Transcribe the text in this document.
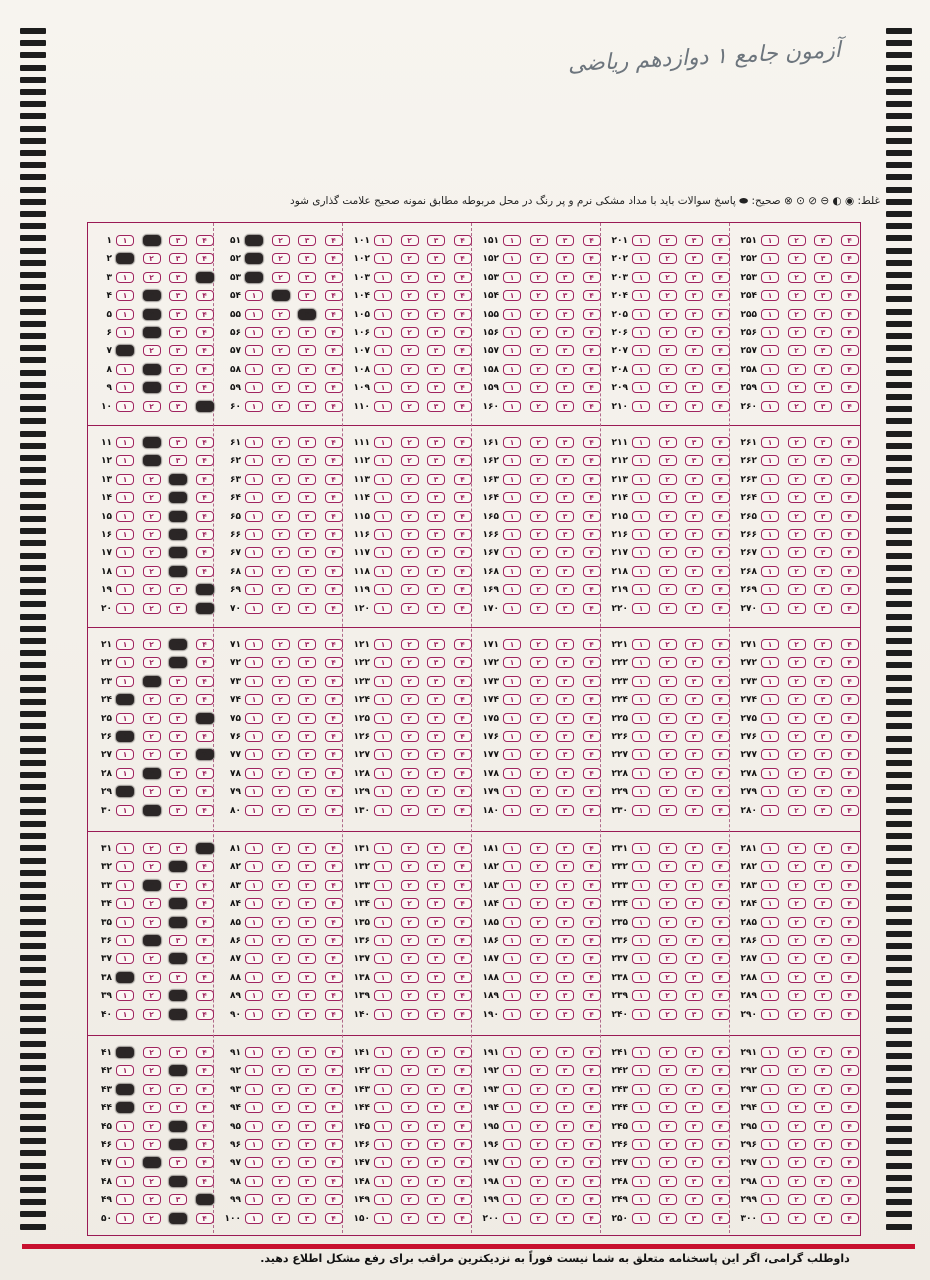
آزمون جامع ۱ دوازدهم ریاضی
غلط: ◉ ◐ ⊖ ⊘ ⊙ ⊗ صحیح: ⬬ پاسخ سوالات باید با مداد مشکی نرم و پر رنگ در محل مربوطه مطابق نمونه صحیح علامت گذاری شود
۱	۱	۲	۳	۴
۲	۱	۲	۳	۴
۳	۱	۲	۳	۴
۴	۱	۲	۳	۴
۵	۱	۲	۳	۴
۶	۱	۲	۳	۴
۷	۱	۲	۳	۴
۸	۱	۲	۳	۴
۹	۱	۲	۳	۴
۱۰	۱	۲	۳	۴
۱۱	۱	۲	۳	۴
۱۲	۱	۲	۳	۴
۱۳	۱	۲	۳	۴
۱۴	۱	۲	۳	۴
۱۵	۱	۲	۳	۴
۱۶	۱	۲	۳	۴
۱۷	۱	۲	۳	۴
۱۸	۱	۲	۳	۴
۱۹	۱	۲	۳	۴
۲۰	۱	۲	۳	۴
۲۱	۱	۲	۳	۴
۲۲	۱	۲	۳	۴
۲۳	۱	۲	۳	۴
۲۴	۱	۲	۳	۴
۲۵	۱	۲	۳	۴
۲۶	۱	۲	۳	۴
۲۷	۱	۲	۳	۴
۲۸	۱	۲	۳	۴
۲۹	۱	۲	۳	۴
۳۰	۱	۲	۳	۴
۳۱	۱	۲	۳	۴
۳۲	۱	۲	۳	۴
۳۳	۱	۲	۳	۴
۳۴	۱	۲	۳	۴
۳۵	۱	۲	۳	۴
۳۶	۱	۲	۳	۴
۳۷	۱	۲	۳	۴
۳۸	۱	۲	۳	۴
۳۹	۱	۲	۳	۴
۴۰	۱	۲	۳	۴
۴۱	۱	۲	۳	۴
۴۲	۱	۲	۳	۴
۴۳	۱	۲	۳	۴
۴۴	۱	۲	۳	۴
۴۵	۱	۲	۳	۴
۴۶	۱	۲	۳	۴
۴۷	۱	۲	۳	۴
۴۸	۱	۲	۳	۴
۴۹	۱	۲	۳	۴
۵۰	۱	۲	۳	۴
۵۱	۱	۲	۳	۴
۵۲	۱	۲	۳	۴
۵۳	۱	۲	۳	۴
۵۴	۱	۲	۳	۴
۵۵	۱	۲	۳	۴
۵۶	۱	۲	۳	۴
۵۷	۱	۲	۳	۴
۵۸	۱	۲	۳	۴
۵۹	۱	۲	۳	۴
۶۰	۱	۲	۳	۴
۶۱	۱	۲	۳	۴
۶۲	۱	۲	۳	۴
۶۳	۱	۲	۳	۴
۶۴	۱	۲	۳	۴
۶۵	۱	۲	۳	۴
۶۶	۱	۲	۳	۴
۶۷	۱	۲	۳	۴
۶۸	۱	۲	۳	۴
۶۹	۱	۲	۳	۴
۷۰	۱	۲	۳	۴
۷۱	۱	۲	۳	۴
۷۲	۱	۲	۳	۴
۷۳	۱	۲	۳	۴
۷۴	۱	۲	۳	۴
۷۵	۱	۲	۳	۴
۷۶	۱	۲	۳	۴
۷۷	۱	۲	۳	۴
۷۸	۱	۲	۳	۴
۷۹	۱	۲	۳	۴
۸۰	۱	۲	۳	۴
۸۱	۱	۲	۳	۴
۸۲	۱	۲	۳	۴
۸۳	۱	۲	۳	۴
۸۴	۱	۲	۳	۴
۸۵	۱	۲	۳	۴
۸۶	۱	۲	۳	۴
۸۷	۱	۲	۳	۴
۸۸	۱	۲	۳	۴
۸۹	۱	۲	۳	۴
۹۰	۱	۲	۳	۴
۹۱	۱	۲	۳	۴
۹۲	۱	۲	۳	۴
۹۳	۱	۲	۳	۴
۹۴	۱	۲	۳	۴
۹۵	۱	۲	۳	۴
۹۶	۱	۲	۳	۴
۹۷	۱	۲	۳	۴
۹۸	۱	۲	۳	۴
۹۹	۱	۲	۳	۴
۱۰۰	۱	۲	۳	۴
۱۰۱	۱	۲	۳	۴
۱۰۲	۱	۲	۳	۴
۱۰۳	۱	۲	۳	۴
۱۰۴	۱	۲	۳	۴
۱۰۵	۱	۲	۳	۴
۱۰۶	۱	۲	۳	۴
۱۰۷	۱	۲	۳	۴
۱۰۸	۱	۲	۳	۴
۱۰۹	۱	۲	۳	۴
۱۱۰	۱	۲	۳	۴
۱۱۱	۱	۲	۳	۴
۱۱۲	۱	۲	۳	۴
۱۱۳	۱	۲	۳	۴
۱۱۴	۱	۲	۳	۴
۱۱۵	۱	۲	۳	۴
۱۱۶	۱	۲	۳	۴
۱۱۷	۱	۲	۳	۴
۱۱۸	۱	۲	۳	۴
۱۱۹	۱	۲	۳	۴
۱۲۰	۱	۲	۳	۴
۱۲۱	۱	۲	۳	۴
۱۲۲	۱	۲	۳	۴
۱۲۳	۱	۲	۳	۴
۱۲۴	۱	۲	۳	۴
۱۲۵	۱	۲	۳	۴
۱۲۶	۱	۲	۳	۴
۱۲۷	۱	۲	۳	۴
۱۲۸	۱	۲	۳	۴
۱۲۹	۱	۲	۳	۴
۱۳۰	۱	۲	۳	۴
۱۳۱	۱	۲	۳	۴
۱۳۲	۱	۲	۳	۴
۱۳۳	۱	۲	۳	۴
۱۳۴	۱	۲	۳	۴
۱۳۵	۱	۲	۳	۴
۱۳۶	۱	۲	۳	۴
۱۳۷	۱	۲	۳	۴
۱۳۸	۱	۲	۳	۴
۱۳۹	۱	۲	۳	۴
۱۴۰	۱	۲	۳	۴
۱۴۱	۱	۲	۳	۴
۱۴۲	۱	۲	۳	۴
۱۴۳	۱	۲	۳	۴
۱۴۴	۱	۲	۳	۴
۱۴۵	۱	۲	۳	۴
۱۴۶	۱	۲	۳	۴
۱۴۷	۱	۲	۳	۴
۱۴۸	۱	۲	۳	۴
۱۴۹	۱	۲	۳	۴
۱۵۰	۱	۲	۳	۴
۱۵۱	۱	۲	۳	۴
۱۵۲	۱	۲	۳	۴
۱۵۳	۱	۲	۳	۴
۱۵۴	۱	۲	۳	۴
۱۵۵	۱	۲	۳	۴
۱۵۶	۱	۲	۳	۴
۱۵۷	۱	۲	۳	۴
۱۵۸	۱	۲	۳	۴
۱۵۹	۱	۲	۳	۴
۱۶۰	۱	۲	۳	۴
۱۶۱	۱	۲	۳	۴
۱۶۲	۱	۲	۳	۴
۱۶۳	۱	۲	۳	۴
۱۶۴	۱	۲	۳	۴
۱۶۵	۱	۲	۳	۴
۱۶۶	۱	۲	۳	۴
۱۶۷	۱	۲	۳	۴
۱۶۸	۱	۲	۳	۴
۱۶۹	۱	۲	۳	۴
۱۷۰	۱	۲	۳	۴
۱۷۱	۱	۲	۳	۴
۱۷۲	۱	۲	۳	۴
۱۷۳	۱	۲	۳	۴
۱۷۴	۱	۲	۳	۴
۱۷۵	۱	۲	۳	۴
۱۷۶	۱	۲	۳	۴
۱۷۷	۱	۲	۳	۴
۱۷۸	۱	۲	۳	۴
۱۷۹	۱	۲	۳	۴
۱۸۰	۱	۲	۳	۴
۱۸۱	۱	۲	۳	۴
۱۸۲	۱	۲	۳	۴
۱۸۳	۱	۲	۳	۴
۱۸۴	۱	۲	۳	۴
۱۸۵	۱	۲	۳	۴
۱۸۶	۱	۲	۳	۴
۱۸۷	۱	۲	۳	۴
۱۸۸	۱	۲	۳	۴
۱۸۹	۱	۲	۳	۴
۱۹۰	۱	۲	۳	۴
۱۹۱	۱	۲	۳	۴
۱۹۲	۱	۲	۳	۴
۱۹۳	۱	۲	۳	۴
۱۹۴	۱	۲	۳	۴
۱۹۵	۱	۲	۳	۴
۱۹۶	۱	۲	۳	۴
۱۹۷	۱	۲	۳	۴
۱۹۸	۱	۲	۳	۴
۱۹۹	۱	۲	۳	۴
۲۰۰	۱	۲	۳	۴
۲۰۱	۱	۲	۳	۴
۲۰۲	۱	۲	۳	۴
۲۰۳	۱	۲	۳	۴
۲۰۴	۱	۲	۳	۴
۲۰۵	۱	۲	۳	۴
۲۰۶	۱	۲	۳	۴
۲۰۷	۱	۲	۳	۴
۲۰۸	۱	۲	۳	۴
۲۰۹	۱	۲	۳	۴
۲۱۰	۱	۲	۳	۴
۲۱۱	۱	۲	۳	۴
۲۱۲	۱	۲	۳	۴
۲۱۳	۱	۲	۳	۴
۲۱۴	۱	۲	۳	۴
۲۱۵	۱	۲	۳	۴
۲۱۶	۱	۲	۳	۴
۲۱۷	۱	۲	۳	۴
۲۱۸	۱	۲	۳	۴
۲۱۹	۱	۲	۳	۴
۲۲۰	۱	۲	۳	۴
۲۲۱	۱	۲	۳	۴
۲۲۲	۱	۲	۳	۴
۲۲۳	۱	۲	۳	۴
۲۲۴	۱	۲	۳	۴
۲۲۵	۱	۲	۳	۴
۲۲۶	۱	۲	۳	۴
۲۲۷	۱	۲	۳	۴
۲۲۸	۱	۲	۳	۴
۲۲۹	۱	۲	۳	۴
۲۳۰	۱	۲	۳	۴
۲۳۱	۱	۲	۳	۴
۲۳۲	۱	۲	۳	۴
۲۳۳	۱	۲	۳	۴
۲۳۴	۱	۲	۳	۴
۲۳۵	۱	۲	۳	۴
۲۳۶	۱	۲	۳	۴
۲۳۷	۱	۲	۳	۴
۲۳۸	۱	۲	۳	۴
۲۳۹	۱	۲	۳	۴
۲۴۰	۱	۲	۳	۴
۲۴۱	۱	۲	۳	۴
۲۴۲	۱	۲	۳	۴
۲۴۳	۱	۲	۳	۴
۲۴۴	۱	۲	۳	۴
۲۴۵	۱	۲	۳	۴
۲۴۶	۱	۲	۳	۴
۲۴۷	۱	۲	۳	۴
۲۴۸	۱	۲	۳	۴
۲۴۹	۱	۲	۳	۴
۲۵۰	۱	۲	۳	۴
۲۵۱	۱	۲	۳	۴
۲۵۲	۱	۲	۳	۴
۲۵۳	۱	۲	۳	۴
۲۵۴	۱	۲	۳	۴
۲۵۵	۱	۲	۳	۴
۲۵۶	۱	۲	۳	۴
۲۵۷	۱	۲	۳	۴
۲۵۸	۱	۲	۳	۴
۲۵۹	۱	۲	۳	۴
۲۶۰	۱	۲	۳	۴
۲۶۱	۱	۲	۳	۴
۲۶۲	۱	۲	۳	۴
۲۶۳	۱	۲	۳	۴
۲۶۴	۱	۲	۳	۴
۲۶۵	۱	۲	۳	۴
۲۶۶	۱	۲	۳	۴
۲۶۷	۱	۲	۳	۴
۲۶۸	۱	۲	۳	۴
۲۶۹	۱	۲	۳	۴
۲۷۰	۱	۲	۳	۴
۲۷۱	۱	۲	۳	۴
۲۷۲	۱	۲	۳	۴
۲۷۳	۱	۲	۳	۴
۲۷۴	۱	۲	۳	۴
۲۷۵	۱	۲	۳	۴
۲۷۶	۱	۲	۳	۴
۲۷۷	۱	۲	۳	۴
۲۷۸	۱	۲	۳	۴
۲۷۹	۱	۲	۳	۴
۲۸۰	۱	۲	۳	۴
۲۸۱	۱	۲	۳	۴
۲۸۲	۱	۲	۳	۴
۲۸۳	۱	۲	۳	۴
۲۸۴	۱	۲	۳	۴
۲۸۵	۱	۲	۳	۴
۲۸۶	۱	۲	۳	۴
۲۸۷	۱	۲	۳	۴
۲۸۸	۱	۲	۳	۴
۲۸۹	۱	۲	۳	۴
۲۹۰	۱	۲	۳	۴
۲۹۱	۱	۲	۳	۴
۲۹۲	۱	۲	۳	۴
۲۹۳	۱	۲	۳	۴
۲۹۴	۱	۲	۳	۴
۲۹۵	۱	۲	۳	۴
۲۹۶	۱	۲	۳	۴
۲۹۷	۱	۲	۳	۴
۲۹۸	۱	۲	۳	۴
۲۹۹	۱	۲	۳	۴
۳۰۰	۱	۲	۳	۴
داوطلب گرامی، اگر این پاسخنامه متعلق به شما نیست فوراً به نزدیکترین مراقب برای رفع مشکل اطلاع دهید.
